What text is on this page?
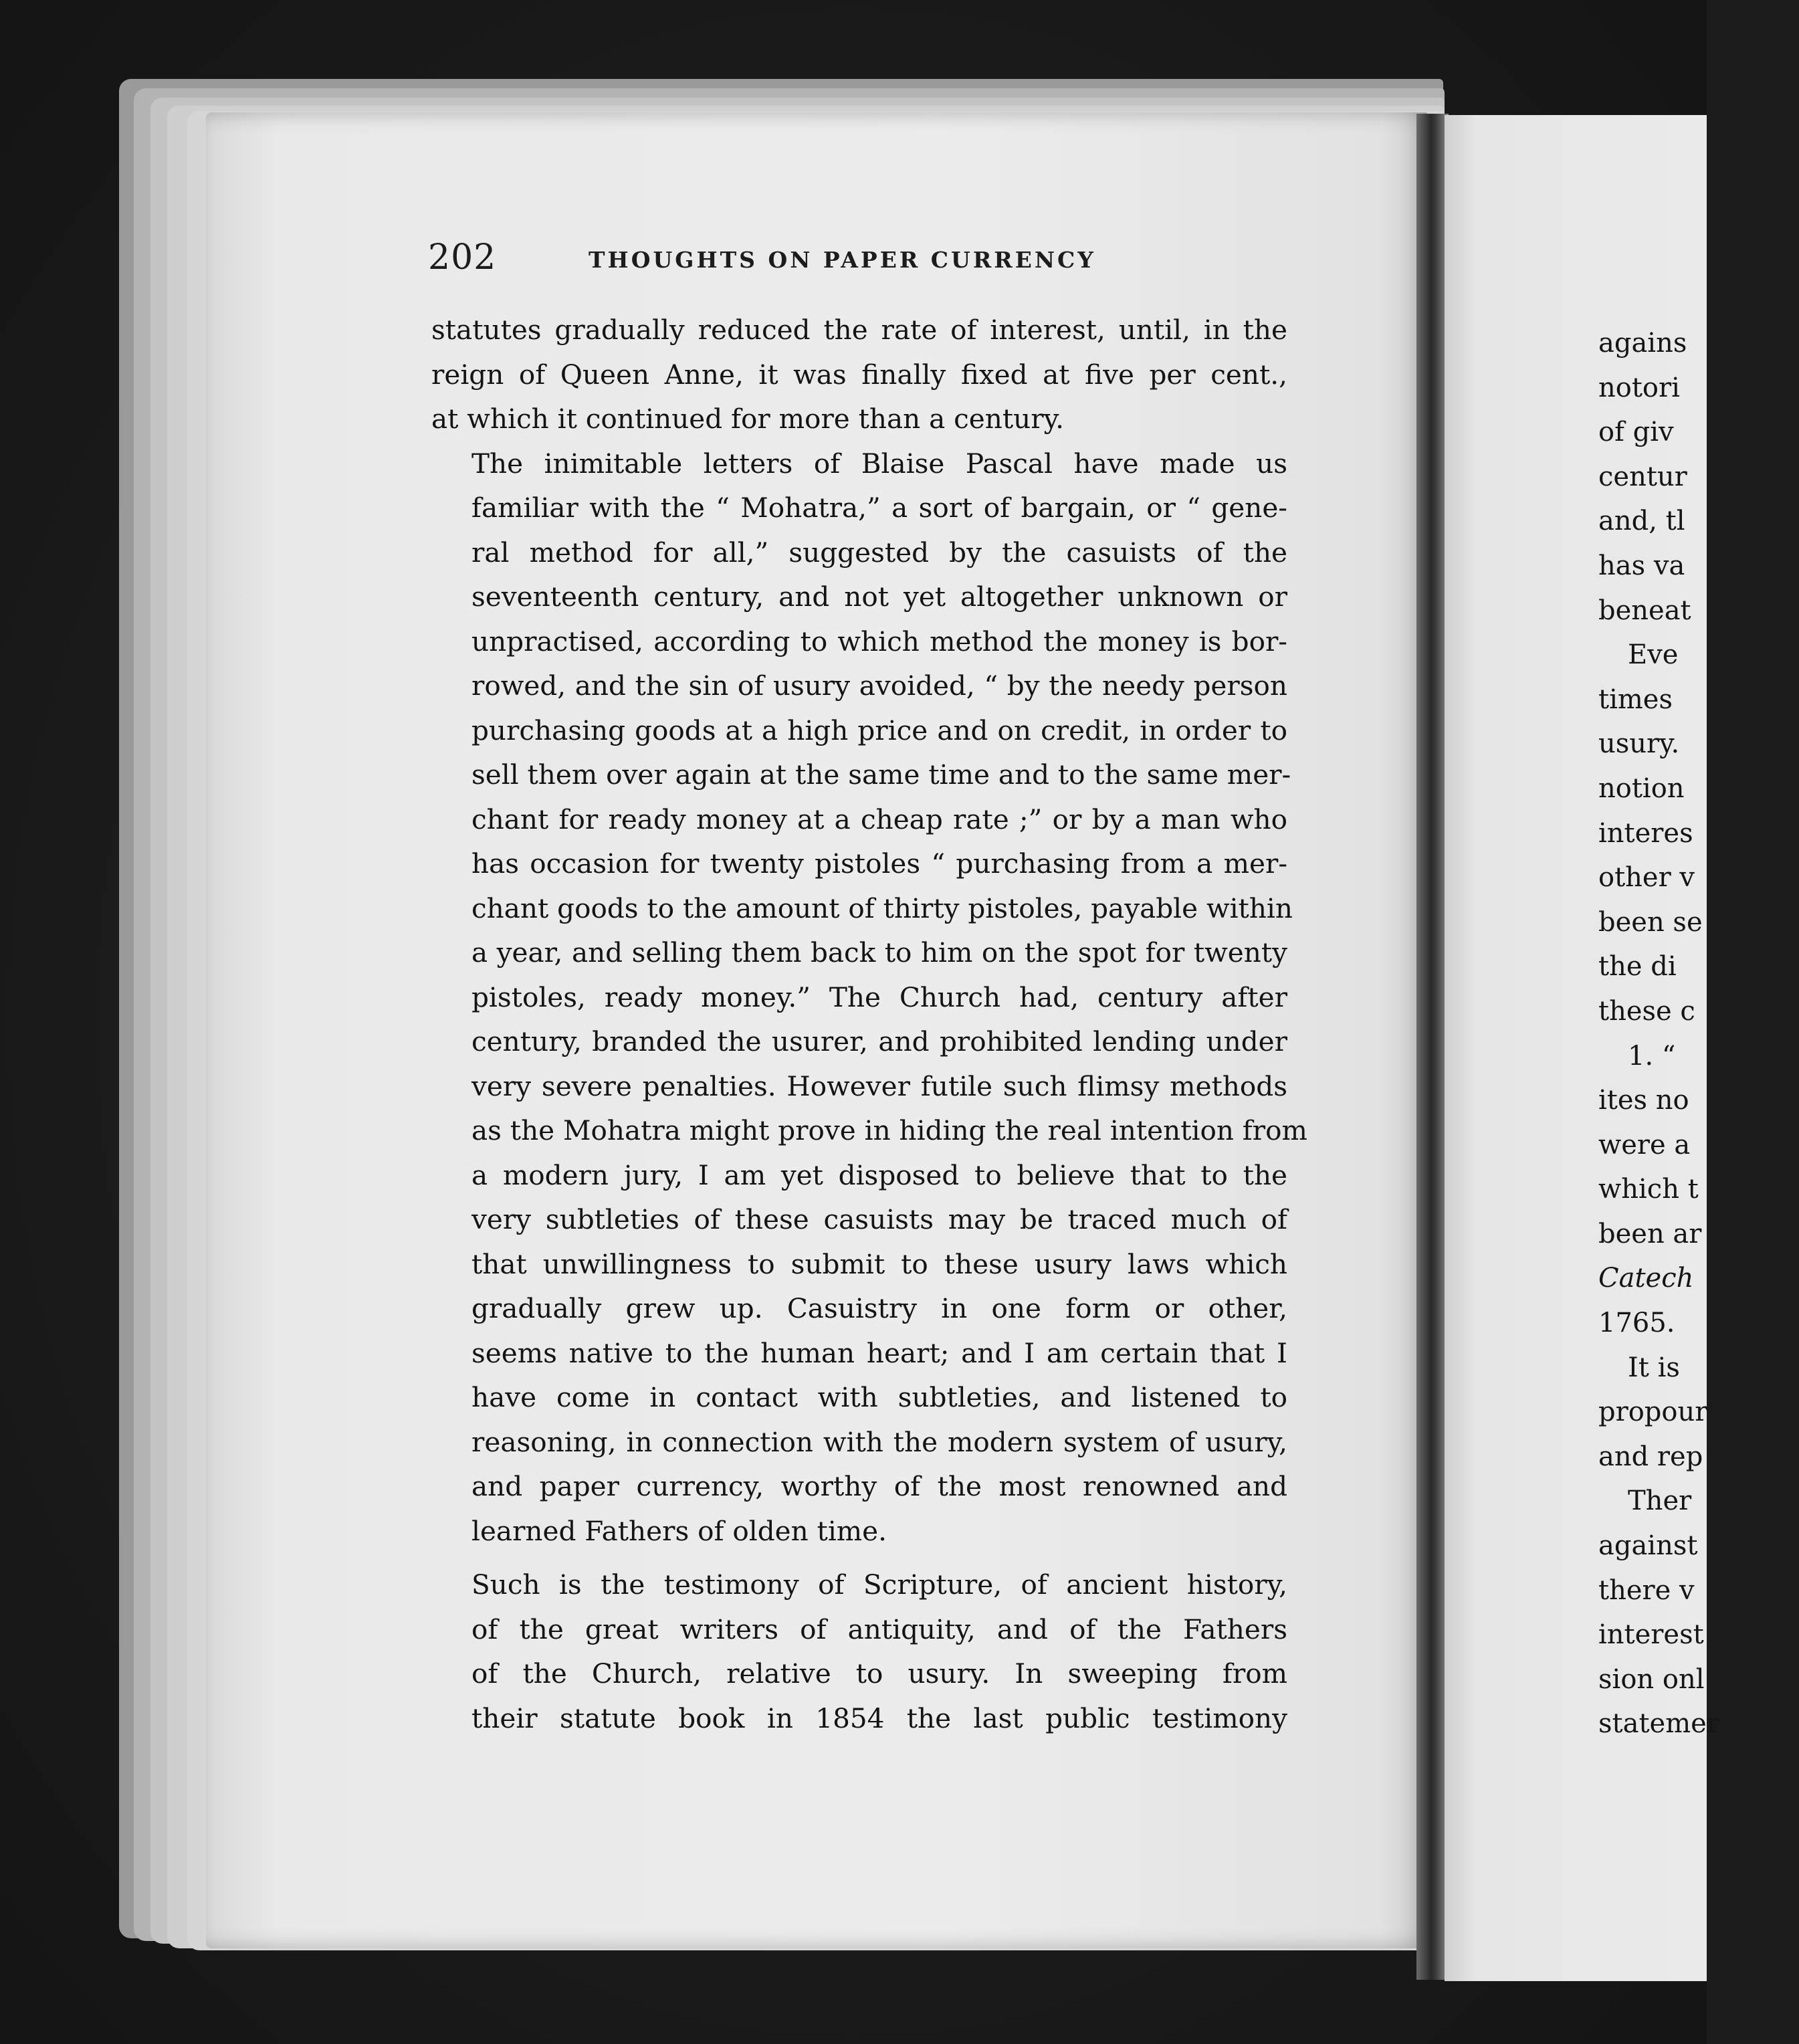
202	THOUGHTS ON PAPER CURRENCY

statutes gradually reduced the rate of interest, until, in the
reign of Queen Anne, it was finally fixed at five per cent.,
at which it continued for more than a century.

The inimitable letters of Blaise Pascal have made us
familiar with the “ Mohatra,” a sort of bargain, or “ gene-
ral method for all,” suggested by the casuists of the
seventeenth century, and not yet altogether unknown or
unpractised, according to which method the money is bor-
rowed, and the sin of usury avoided, “ by the needy person
purchasing goods at a high price and on credit, in order to
sell them over again at the same time and to the same mer-
chant for ready money at a cheap rate ;” or by a man who
has occasion for twenty pistoles “ purchasing from a mer-
chant goods to the amount of thirty pistoles, payable within
a year, and selling them back to him on the spot for twenty
pistoles, ready money.” The Church had, century after
century, branded the usurer, and prohibited lending under
very severe penalties. However futile such flimsy methods
as the Mohatra might prove in hiding the real intention from
a modern jury, I am yet disposed to believe that to the
very subtleties of these casuists may be traced much of
that unwillingness to submit to these usury laws which
gradually grew up. Casuistry in one form or other,
seems native to the human heart; and I am certain that I
have come in contact with subtleties, and listened to
reasoning, in connection with the modern system of usury,
and paper currency, worthy of the most renowned and
learned Fathers of olden time.

Such is the testimony of Scripture, of ancient history,
of the great writers of antiquity, and of the Fathers
of the Church, relative to usury. In sweeping from
their statute book in 1854 the last public testimony

agains
notori
of giv
centur
and, tl
has va
beneat
Eve
times
usury.
notion
interes
other v
been se
the di
these c
1. “
ites no
were a
which t
been ar
Catech
1765.
It is
propour
and rep
Ther
against
there v
interest
sion onl
statemer
